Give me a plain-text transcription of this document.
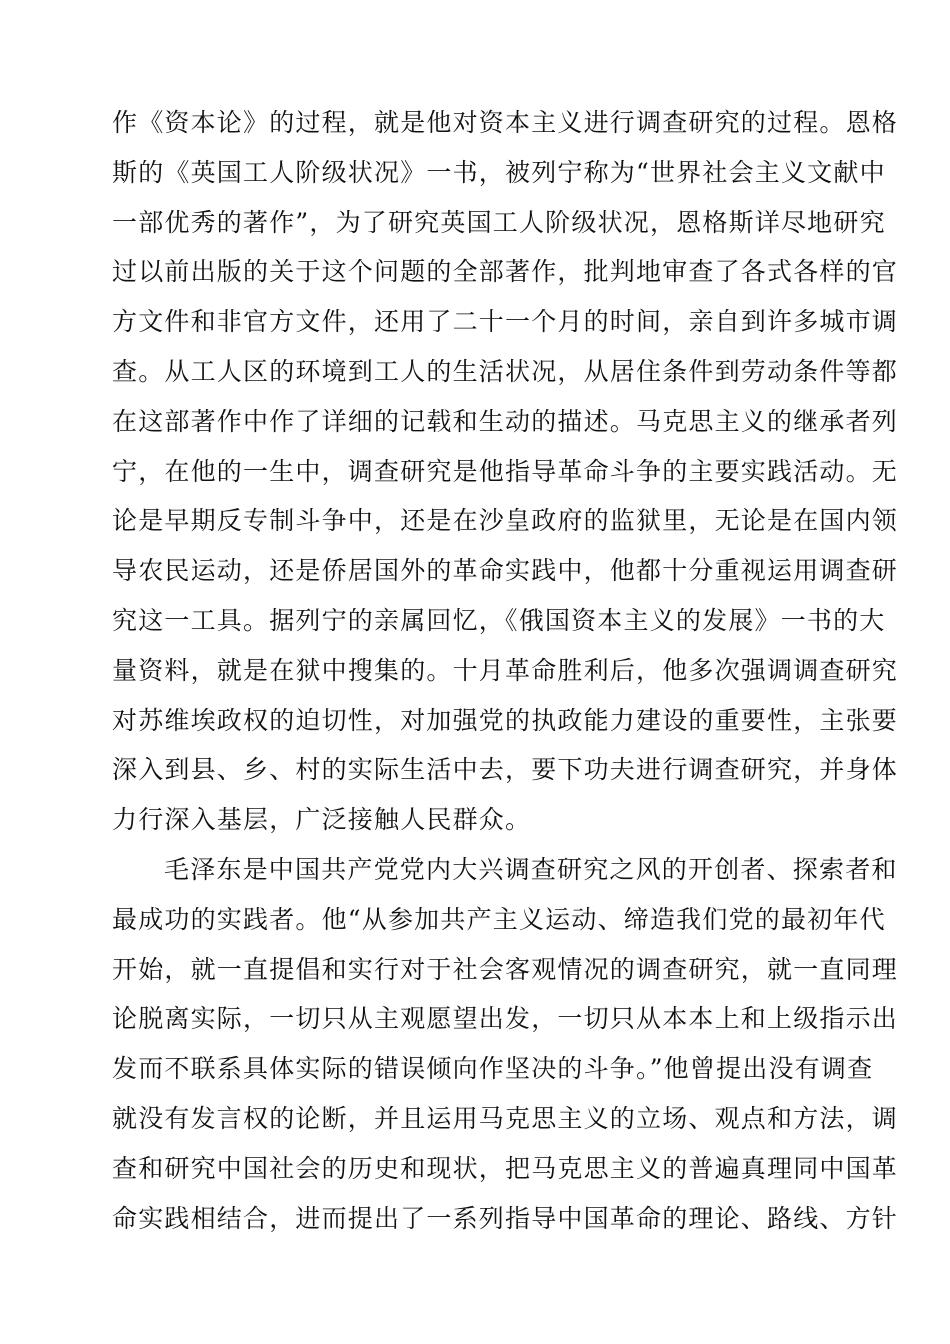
作《资本论》的过程，就是他对资本主义进行调查研究的过程。恩格
斯的《英国工人阶级状况》一书，被列宁称为“世界社会主义文献中
一部优秀的著作”，为了研究英国工人阶级状况，恩格斯详尽地研究
过以前出版的关于这个问题的全部著作，批判地审查了各式各样的官
方文件和非官方文件，还用了二十一个月的时间，亲自到许多城市调
查。从工人区的环境到工人的生活状况，从居住条件到劳动条件等都
在这部著作中作了详细的记载和生动的描述。马克思主义的继承者列
宁，在他的一生中，调查研究是他指导革命斗争的主要实践活动。无
论是早期反专制斗争中，还是在沙皇政府的监狱里，无论是在国内领
导农民运动，还是侨居国外的革命实践中，他都十分重视运用调查研
究这一工具。据列宁的亲属回忆，《俄国资本主义的发展》一书的大
量资料，就是在狱中搜集的。十月革命胜利后，他多次强调调查研究
对苏维埃政权的迫切性，对加强党的执政能力建设的重要性，主张要
深入到县、乡、村的实际生活中去，要下功夫进行调查研究，并身体
力行深入基层，广泛接触人民群众。
毛泽东是中国共产党党内大兴调查研究之风的开创者、探索者和
最成功的实践者。他“从参加共产主义运动、缔造我们党的最初年代
开始，就一直提倡和实行对于社会客观情况的调查研究，就一直同理
论脱离实际，一切只从主观愿望出发，一切只从本本上和上级指示出
发而不联系具体实际的错误倾向作坚决的斗争。”他曾提出没有调查
就没有发言权的论断，并且运用马克思主义的立场、观点和方法，调
查和研究中国社会的历史和现状，把马克思主义的普遍真理同中国革
命实践相结合，进而提出了一系列指导中国革命的理论、路线、方针
